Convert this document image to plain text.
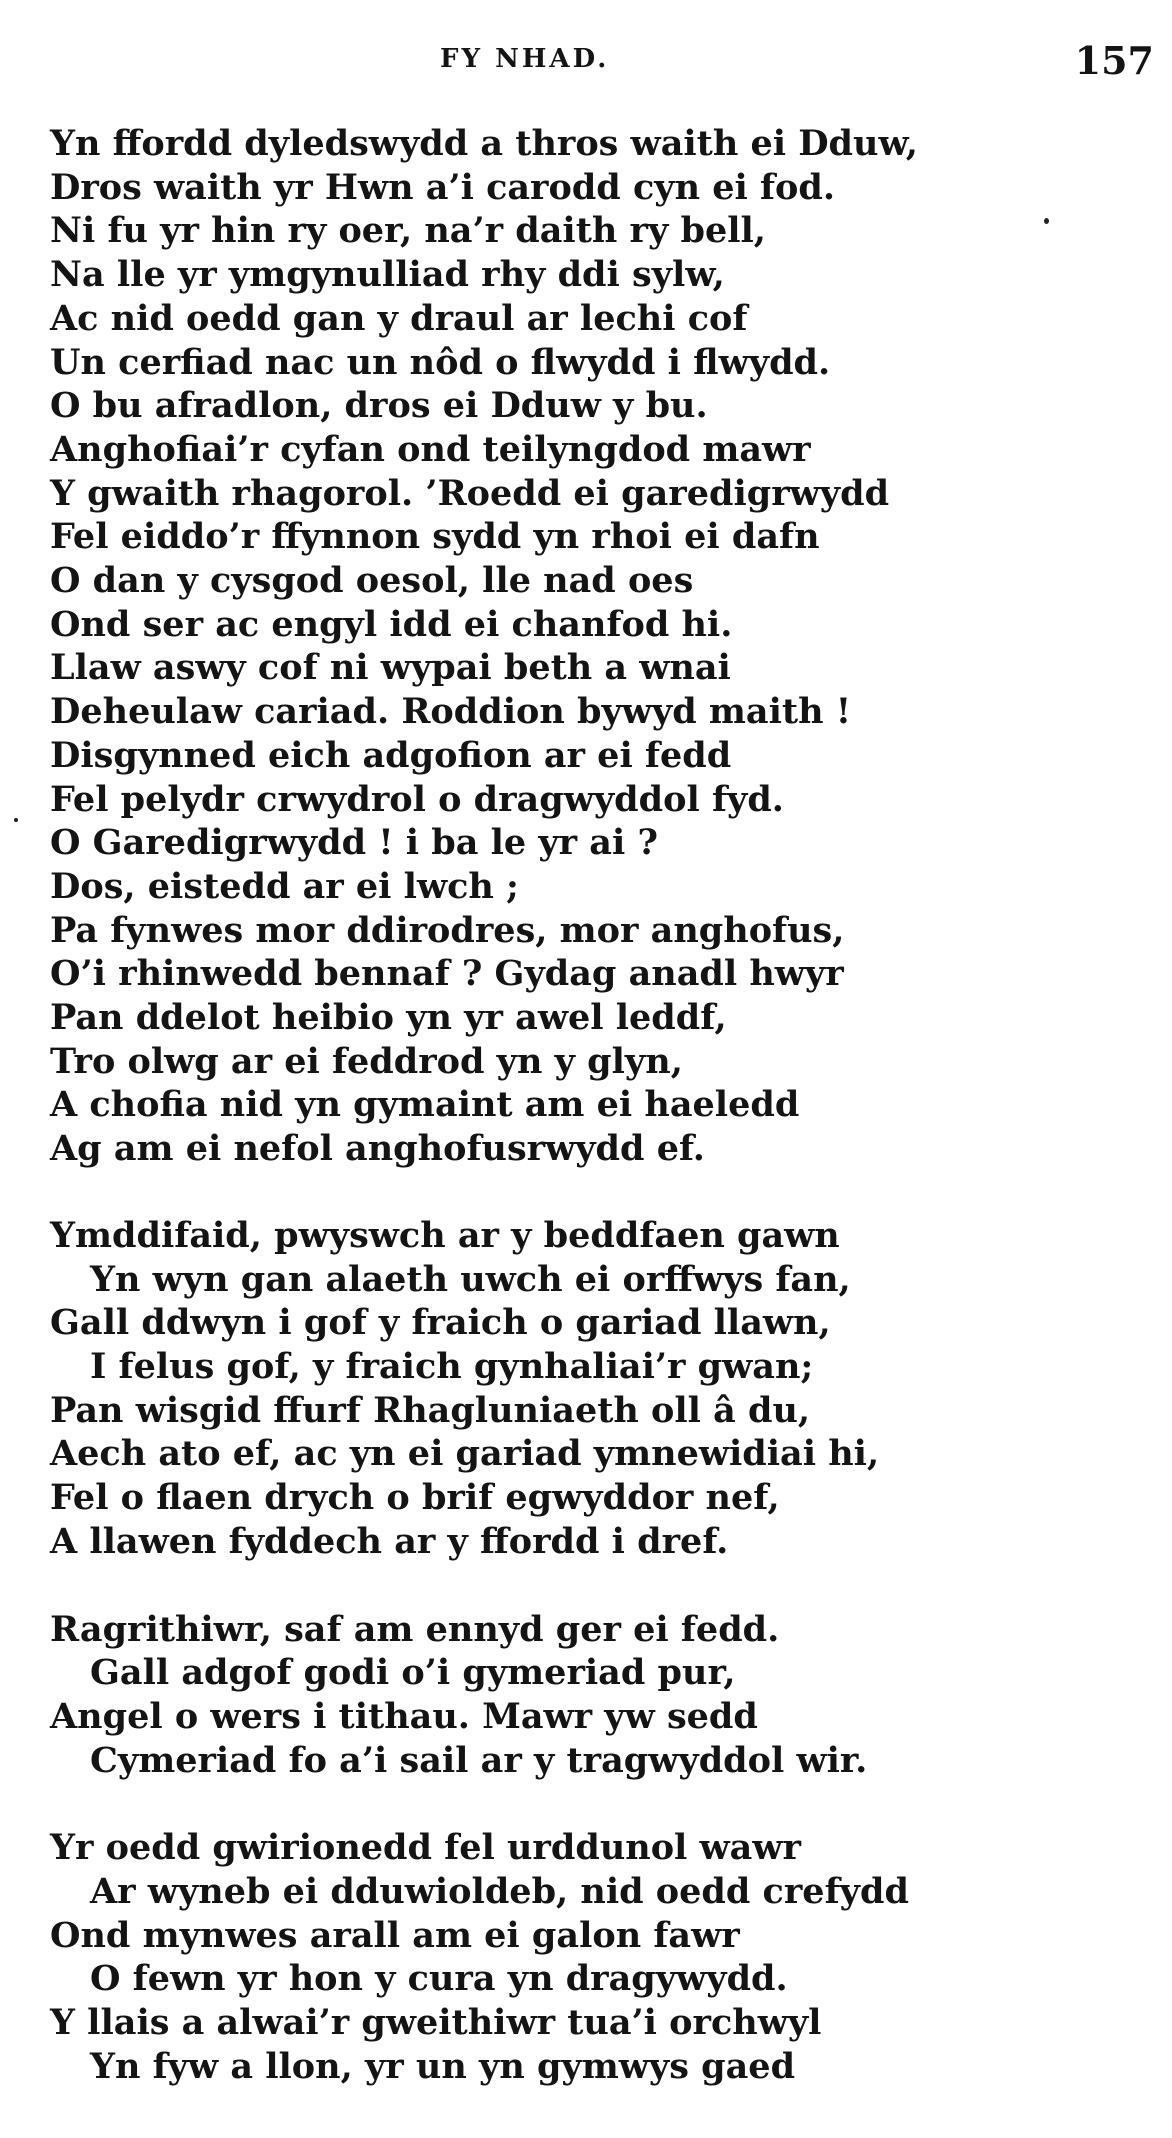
FY NHAD.	157
Yn ffordd dyledswydd a thros waith ei Dduw,
Dros waith yr Hwn a’i carodd cyn ei fod.
Ni fu yr hin ry oer, na’r daith ry bell,
Na lle yr ymgynulliad rhy ddi sylw,
Ac nid oedd gan y draul ar lechi cof
Un cerfiad nac un nôd o flwydd i flwydd.
O bu afradlon, dros ei Dduw y bu.
Anghofiai’r cyfan ond teilyngdod mawr
Y gwaith rhagorol. ’Roedd ei garedigrwydd
Fel eiddo’r ffynnon sydd yn rhoi ei dafn
O dan y cysgod oesol, lle nad oes
Ond ser ac engyl idd ei chanfod hi.
Llaw aswy cof ni wypai beth a wnai
Deheulaw cariad. Roddion bywyd maith !
Disgynned eich adgofion ar ei fedd
Fel pelydr crwydrol o dragwyddol fyd.
O Garedigrwydd ! i ba le yr ai ?
Dos, eistedd ar ei lwch ;
Pa fynwes mor ddirodres, mor anghofus,
O’i rhinwedd bennaf ? Gydag anadl hwyr
Pan ddelot heibio yn yr awel leddf,
Tro olwg ar ei feddrod yn y glyn,
A chofia nid yn gymaint am ei haeledd
Ag am ei nefol anghofusrwydd ef.
Ymddifaid, pwyswch ar y beddfaen gawn
Yn wyn gan alaeth uwch ei orffwys fan,
Gall ddwyn i gof y fraich o gariad llawn,
I felus gof, y fraich gynhaliai’r gwan;
Pan wisgid ffurf Rhagluniaeth oll â du,
Aech ato ef, ac yn ei gariad ymnewidiai hi,
Fel o flaen drych o brif egwyddor nef,
A llawen fyddech ar y ffordd i dref.
Ragrithiwr, saf am ennyd ger ei fedd.
Gall adgof godi o’i gymeriad pur,
Angel o wers i tithau. Mawr yw sedd
Cymeriad fo a’i sail ar y tragwyddol wir.
Yr oedd gwirionedd fel urddunol wawr
Ar wyneb ei dduwioldeb, nid oedd crefydd
Ond mynwes arall am ei galon fawr
O fewn yr hon y cura yn dragywydd.
Y llais a alwai’r gweithiwr tua’i orchwyl
Yn fyw a llon, yr un yn gymwys gaed
